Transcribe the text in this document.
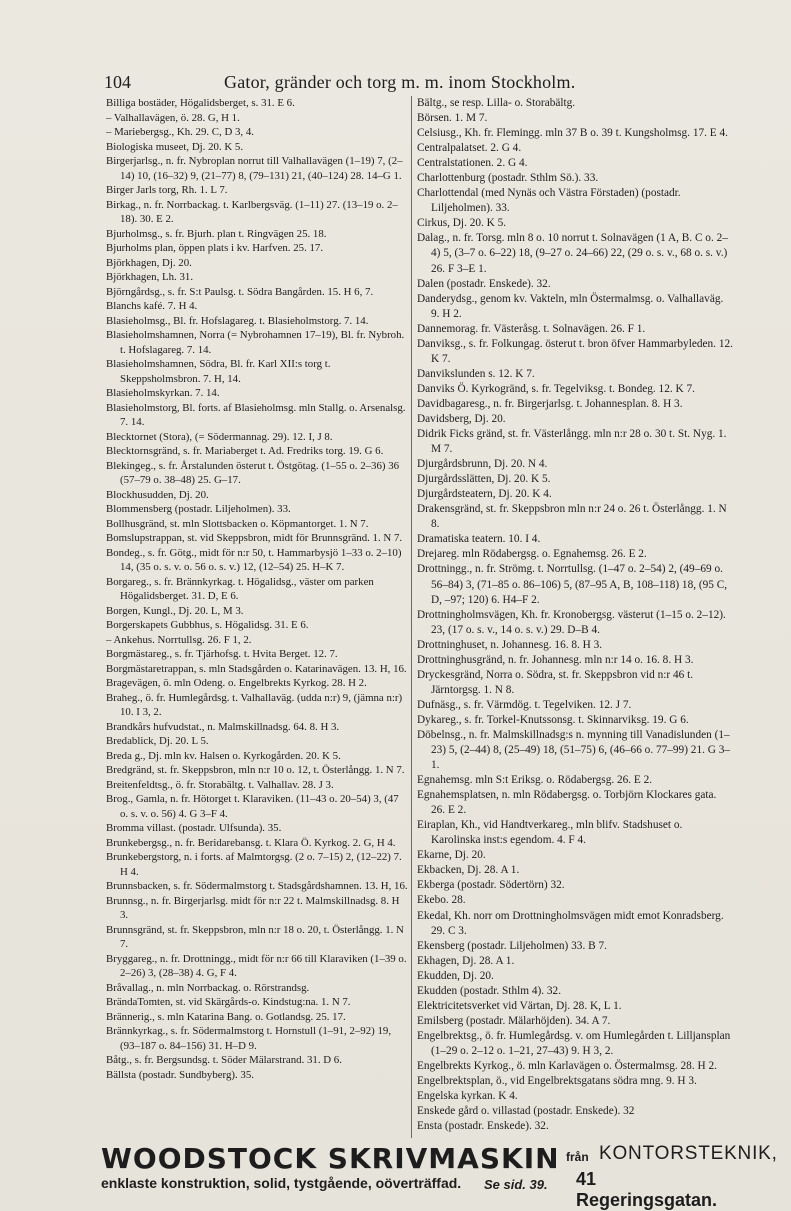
104	Gator, gränder och torg m. m. inom Stockholm.
Billiga bostäder, Högalidsberget, s. 31. E 6.
– Valhallavägen, ö. 28. G, H 1.
– Mariebergsg., Kh. 29. C, D 3, 4.
Biologiska museet, Dj. 20. K 5.
Birgerjarlsg., n. fr. Nybroplan norrut till Valhallavägen (1–19) 7, (2–14) 10, (16–32) 9, (21–77) 8, (79–131) 21, (40–124) 28. 14–G 1.
Birger Jarls torg, Rh. 1. L 7.
Birkag., n. fr. Norrbackag. t. Karlbergsväg. (1–11) 27. (13–19 o. 2–18). 30. E 2.
Bjurholmsg., s. fr. Bjurh. plan t. Ringvägen 25. 18.
Bjurholms plan, öppen plats i kv. Harfven. 25. 17.
Björkhagen, Dj. 20.
Björkhagen, Lh. 31.
Björngårdsg., s. fr. S:t Paulsg. t. Södra Bangården. 15. H 6, 7.
Blanchs kafé. 7. H 4.
Blasieholmsg., Bl. fr. Hofslagareg. t. Blasieholmstorg. 7. 14.
Blasieholmshamnen, Norra (= Nybrohamnen 17–19), Bl. fr. Nybroh. t. Hofslagareg. 7. 14.
Blasieholmshamnen, Södra, Bl. fr. Karl XII:s torg t. Skeppsholmsbron. 7. H, 14.
Blasieholmskyrkan. 7. 14.
Blasieholmstorg, Bl. forts. af Blasieholmsg. mln Stallg. o. Arsenalsg. 7. 14.
Blecktornet (Stora), (= Södermannag. 29). 12. I, J 8.
Blecktornsgränd, s. fr. Mariaberget t. Ad. Fredriks torg. 19. G 6.
Blekingeg., s. fr. Årstalunden österut t. Östgötag. (1–55 o. 2–36) 36 (57–79 o. 38–48) 25. G–17.
Blockhusudden, Dj. 20.
Blommensberg (postadr. Liljeholmen). 33.
Bollhusgränd, st. mln Slottsbacken o. Köpmantorget. 1. N 7.
Bomslupstrappan, st. vid Skeppsbron, midt för Brunnsgränd. 1. N 7.
Bondeg., s. fr. Götg., midt för n:r 50, t. Hammarbysjö 1–33 o. 2–10) 14, (35 o. s. v. o. 56 o. s. v.) 12, (12–54) 25. H–K 7.
Borgareg., s. fr. Brännkyrkag. t. Högalidsg., väster om parken Högalidsberget. 31. D, E 6.
Borgen, Kungl., Dj. 20. L, M 3.
Borgerskapets Gubbhus, s. Högalidsg. 31. E 6.
– Ankehus. Norrtullsg. 26. F 1, 2.
Borgmästareg., s. fr. Tjärhofsg. t. Hvita Berget. 12. 7.
Borgmästaretrappan, s. mln Stadsgården o. Katarinavägen. 13. H, 16.
Bragevägen, ö. mln Odeng. o. Engelbrekts Kyrkog. 28. H 2.
Braheg., ö. fr. Humlegårdsg. t. Valhallaväg. (udda n:r) 9, (jämna n:r) 10. I 3, 2.
Brandkårs hufvudstat., n. Malmskillnadsg. 64. 8. H 3.
Bredablick, Dj. 20. L 5.
Breda g., Dj. mln kv. Halsen o. Kyrkogården. 20. K 5.
Bredgränd, st. fr. Skeppsbron, mln n:r 10 o. 12, t. Österlångg. 1. N 7.
Breitenfeldtsg., ö. fr. Storabältg. t. Valhallav. 28. J 3.
Brog., Gamla, n. fr. Hötorget t. Klaraviken. (11–43 o. 20–54) 3, (47 o. s. v. o. 56) 4. G 3–F 4.
Bromma villast. (postadr. Ulfsunda). 35.
Brunkebergsg., n. fr. Beridarebansg. t. Klara Ö. Kyrkog. 2. G, H 4.
Brunkebergstorg, n. i forts. af Malmtorgsg. (2 o. 7–15) 2, (12–22) 7. H 4.
Brunnsbacken, s. fr. Södermalmstorg t. Stadsgårdshamnen. 13. H, 16.
Brunnsg., n. fr. Birgerjarlsg. midt för n:r 22 t. Malmskillnadsg. 8. H 3.
Brunnsgränd, st. fr. Skeppsbron, mln n:r 18 o. 20, t. Österlångg. 1. N 7.
Bryggareg., n. fr. Drottningg., midt för n:r 66 till Klaraviken (1–39 o. 2–26) 3, (28–38) 4. G, F 4.
Bråvallag., n. mln Norrbackag. o. Rörstrandsg.
BrändaTomten, st. vid Skärgårds-o. Kindstug:na. 1. N 7.
Brännerig., s. mln Katarina Bang. o. Gotlandsg. 25. 17.
Brännkyrkag., s. fr. Södermalmstorg t. Hornstull (1–91, 2–92) 19, (93–187 o. 84–156) 31. H–D 9.
Båtg., s. fr. Bergsundsg. t. Söder Mälarstrand. 31. D 6.
Bällsta (postadr. Sundbyberg). 35.
Bältg., se resp. Lilla- o. Storabältg.
Börsen. 1. M 7.
Celsiusg., Kh. fr. Flemingg. mln 37 B o. 39 t. Kungsholmsg. 17. E 4.
Centralpalatset. 2. G 4.
Centralstationen. 2. G 4.
Charlottenburg (postadr. Sthlm Sö.). 33.
Charlottendal (med Nynäs och Västra Förstaden) (postadr. Liljeholmen). 33.
Cirkus, Dj. 20. K 5.
Dalag., n. fr. Torsg. mln 8 o. 10 norrut t. Solnavägen (1 A, B. C o. 2–4) 5, (3–7 o. 6–22) 18, (9–27 o. 24–66) 22, (29 o. s. v., 68 o. s. v.) 26. F 3–E 1.
Dalen (postadr. Enskede). 32.
Danderydsg., genom kv. Vakteln, mln Östermalmsg. o. Valhallaväg. 9. H 2.
Dannemorag. fr. Västeråsg. t. Solnavägen. 26. F 1.
Danviksg., s. fr. Folkungag. österut t. bron öfver Hammarbyleden. 12. K 7.
Danvikslunden s. 12. K 7.
Danviks Ö. Kyrkogränd, s. fr. Tegelviksg. t. Bondeg. 12. K 7.
Davidbagaresg., n. fr. Birgerjarlsg. t. Johannesplan. 8. H 3.
Davidsberg, Dj. 20.
Didrik Ficks gränd, st. fr. Västerlångg. mln n:r 28 o. 30 t. St. Nyg. 1. M 7.
Djurgårdsbrunn, Dj. 20. N 4.
Djurgårdsslätten, Dj. 20. K 5.
Djurgårdsteatern, Dj. 20. K 4.
Drakensgränd, st. fr. Skeppsbron mln n:r 24 o. 26 t. Österlångg. 1. N 8.
Dramatiska teatern. 10. I 4.
Drejareg. mln Rödabergsg. o. Egnahemsg. 26. E 2.
Drottningg., n. fr. Strömg. t. Norrtullsg. (1–47 o. 2–54) 2, (49–69 o. 56–84) 3, (71–85 o. 86–106) 5, (87–95 A, B, 108–118) 18, (95 C, D, –97; 120) 6. H4–F 2.
Drottningholmsvägen, Kh. fr. Kronobergsg. västerut (1–15 o. 2–12). 23, (17 o. s. v., 14 o. s. v.) 29. D–B 4.
Drottninghuset, n. Johannesg. 16. 8. H 3.
Drottninghusgränd, n. fr. Johannesg. mln n:r 14 o. 16. 8. H 3.
Dryckesgränd, Norra o. Södra, st. fr. Skeppsbron vid n:r 46 t. Järntorgsg. 1. N 8.
Dufnäsg., s. fr. Värmdög. t. Tegelviken. 12. J 7.
Dykareg., s. fr. Torkel-Knutssonsg. t. Skinnarviksg. 19. G 6.
Döbelnsg., n. fr. Malmskillnadsg:s n. mynning till Vanadislunden (1–23) 5, (2–44) 8, (25–49) 18, (51–75) 6, (46–66 o. 77–99) 21. G 3–1.
Egnahemsg. mln S:t Eriksg. o. Rödabergsg. 26. E 2.
Egnahemsplatsen, n. mln Rödabergsg. o. Torbjörn Klockares gata. 26. E 2.
Eiraplan, Kh., vid Handtverkareg., mln blifv. Stadshuset o. Karolinska inst:s egendom. 4. F 4.
Ekarne, Dj. 20.
Ekbacken, Dj. 28. A 1.
Ekberga (postadr. Södertörn) 32.
Ekebo. 28.
Ekedal, Kh. norr om Drottningholmsvägen midt emot Konradsberg. 29. C 3.
Ekensberg (postadr. Liljeholmen) 33. B 7.
Ekhagen, Dj. 28. A 1.
Ekudden, Dj. 20.
Ekudden (postadr. Sthlm 4). 32.
Elektricitetsverket vid Värtan, Dj. 28. K, L 1.
Emilsberg (postadr. Mälarhöjden). 34. A 7.
Engelbrektsg., ö. fr. Humlegårdsg. v. om Humlegården t. Lilljansplan (1–29 o. 2–12 o. 1–21, 27–43) 9. H 3, 2.
Engelbrekts Kyrkog., ö. mln Karlavägen o. Östermalmsg. 28. H 2.
Engelbrektsplan, ö., vid Engelbrektsgatans södra mng. 9. H 3.
Engelska kyrkan. K 4.
Enskede gård o. villastad (postadr. Enskede). 32
Ensta (postadr. Enskede). 32.
WOODSTOCK SKRIVMASKIN från KONTORSTEKNIK,
enklaste konstruktion, solid, tystgående, oöverträffad. Se sid. 39. 41 Regeringsgatan.
